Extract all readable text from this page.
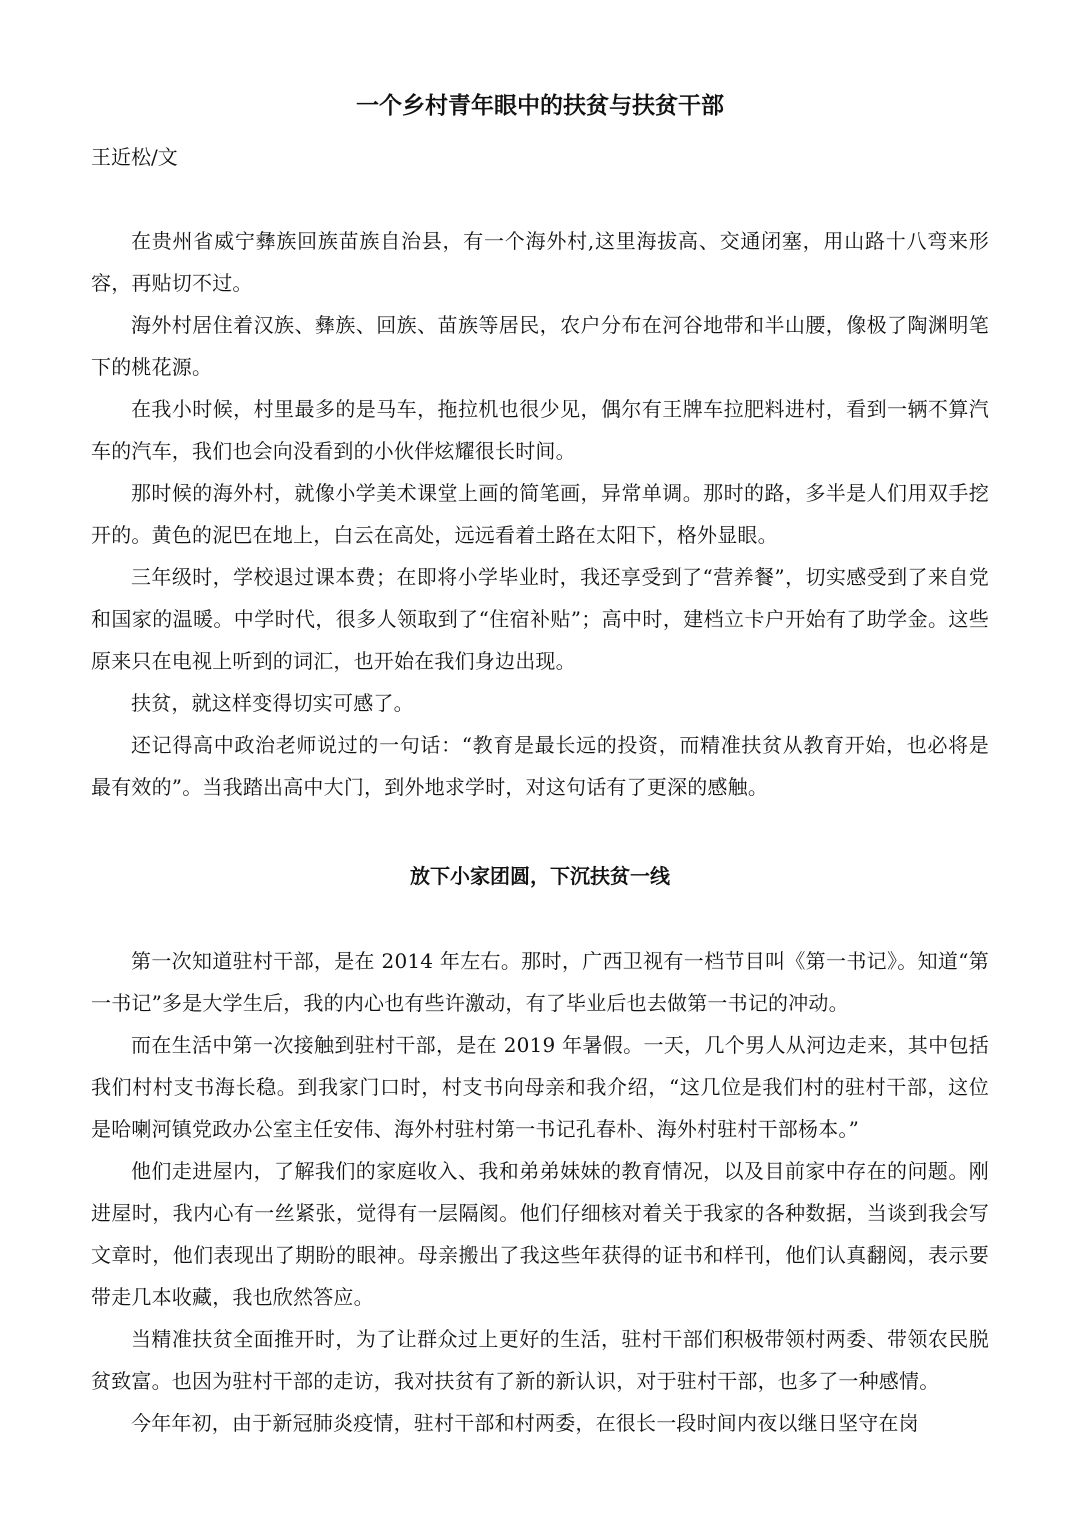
一个乡村青年眼中的扶贫与扶贫干部

王近松/文

在贵州省威宁彝族回族苗族自治县，有一个海外村,这里海拔高、交通闭塞，用山路十八弯来形容，再贴切不过。

海外村居住着汉族、彝族、回族、苗族等居民，农户分布在河谷地带和半山腰，像极了陶渊明笔下的桃花源。

在我小时候，村里最多的是马车，拖拉机也很少见，偶尔有王牌车拉肥料进村，看到一辆不算汽车的汽车，我们也会向没看到的小伙伴炫耀很长时间。

那时候的海外村，就像小学美术课堂上画的简笔画，异常单调。那时的路，多半是人们用双手挖开的。黄色的泥巴在地上，白云在高处，远远看着土路在太阳下，格外显眼。

三年级时，学校退过课本费；在即将小学毕业时，我还享受到了“营养餐”，切实感受到了来自党和国家的温暖。中学时代，很多人领取到了“住宿补贴”；高中时，建档立卡户开始有了助学金。这些原来只在电视上听到的词汇，也开始在我们身边出现。

扶贫，就这样变得切实可感了。

还记得高中政治老师说过的一句话：“教育是最长远的投资，而精准扶贫从教育开始，也必将是最有效的”。当我踏出高中大门，到外地求学时，对这句话有了更深的感触。

放下小家团圆，下沉扶贫一线

第一次知道驻村干部，是在 2014 年左右。那时，广西卫视有一档节目叫《第一书记》。知道“第一书记”多是大学生后，我的内心也有些许激动，有了毕业后也去做第一书记的冲动。

而在生活中第一次接触到驻村干部，是在 2019 年暑假。一天，几个男人从河边走来，其中包括我们村村支书海长稳。到我家门口时，村支书向母亲和我介绍，“这几位是我们村的驻村干部，这位是哈喇河镇党政办公室主任安伟、海外村驻村第一书记孔春朴、海外村驻村干部杨本。”

他们走进屋内，了解我们的家庭收入、我和弟弟妹妹的教育情况，以及目前家中存在的问题。刚进屋时，我内心有一丝紧张，觉得有一层隔阂。他们仔细核对着关于我家的各种数据，当谈到我会写文章时，他们表现出了期盼的眼神。母亲搬出了我这些年获得的证书和样刊，他们认真翻阅，表示要带走几本收藏，我也欣然答应。

当精准扶贫全面推开时，为了让群众过上更好的生活，驻村干部们积极带领村两委、带领农民脱贫致富。也因为驻村干部的走访，我对扶贫有了新的新认识，对于驻村干部，也多了一种感情。

今年年初，由于新冠肺炎疫情，驻村干部和村两委，在很长一段时间内夜以继日坚守在岗
